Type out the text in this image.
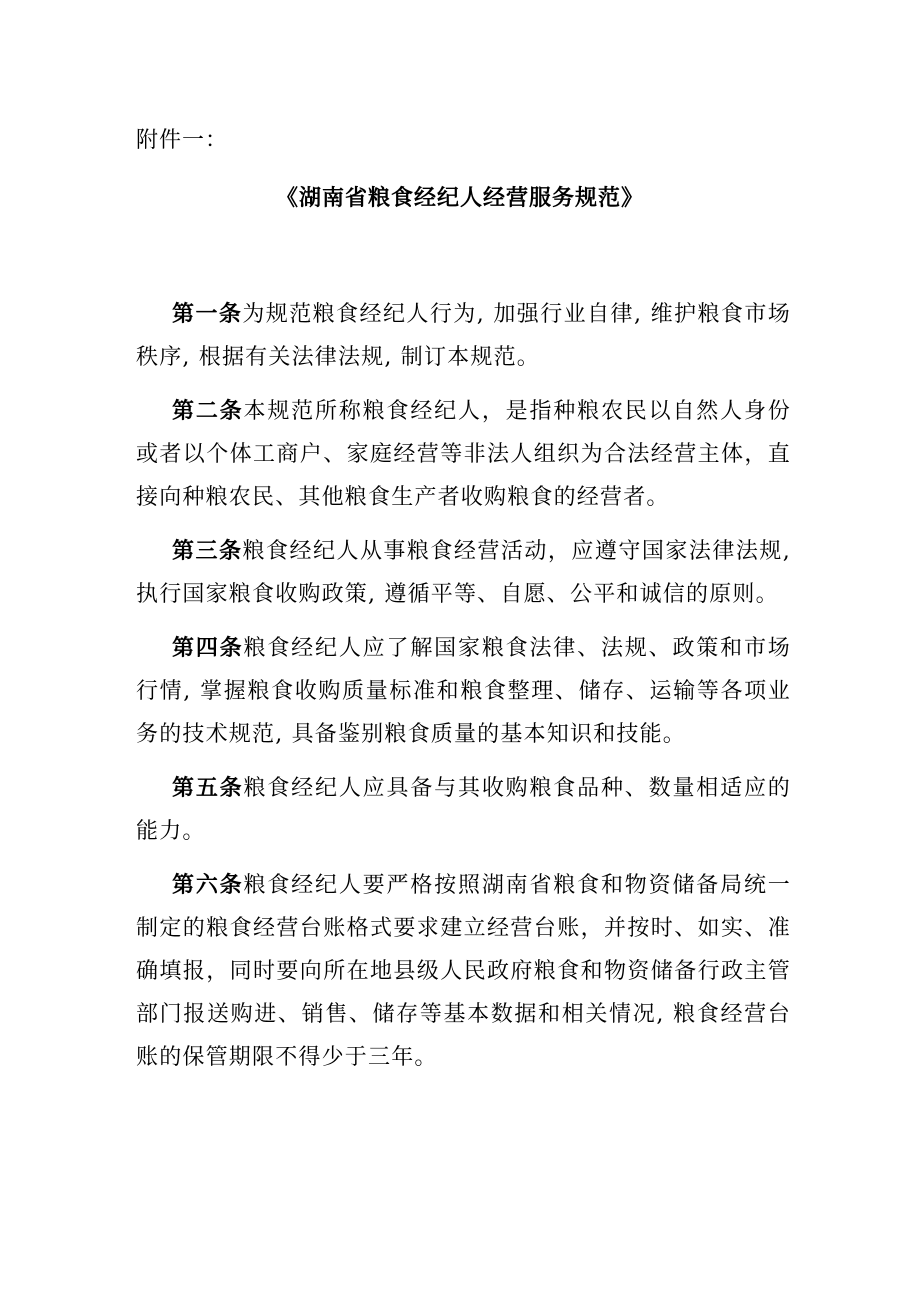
附件一：
《湖南省粮食经纪人经营服务规范》

第一条为规范粮食经纪人行为, 加强行业自律, 维护粮食市场秩序, 根据有关法律法规, 制订本规范。

第二条本规范所称粮食经纪人，是指种粮农民以自然人身份或者以个体工商户、家庭经营等非法人组织为合法经营主体，直接向种粮农民、其他粮食生产者收购粮食的经营者。

第三条粮食经纪人从事粮食经营活动，应遵守国家法律法规, 执行国家粮食收购政策, 遵循平等、自愿、公平和诚信的原则。

第四条粮食经纪人应了解国家粮食法律、法规、政策和市场行情, 掌握粮食收购质量标准和粮食整理、储存、运输等各项业务的技术规范, 具备鉴别粮食质量的基本知识和技能。

第五条粮食经纪人应具备与其收购粮食品种、数量相适应的能力。

第六条粮食经纪人要严格按照湖南省粮食和物资储备局统一制定的粮食经营台账格式要求建立经营台账，并按时、如实、准确填报，同时要向所在地县级人民政府粮食和物资储备行政主管部门报送购进、销售、储存等基本数据和相关情况, 粮食经营台账的保管期限不得少于三年。
